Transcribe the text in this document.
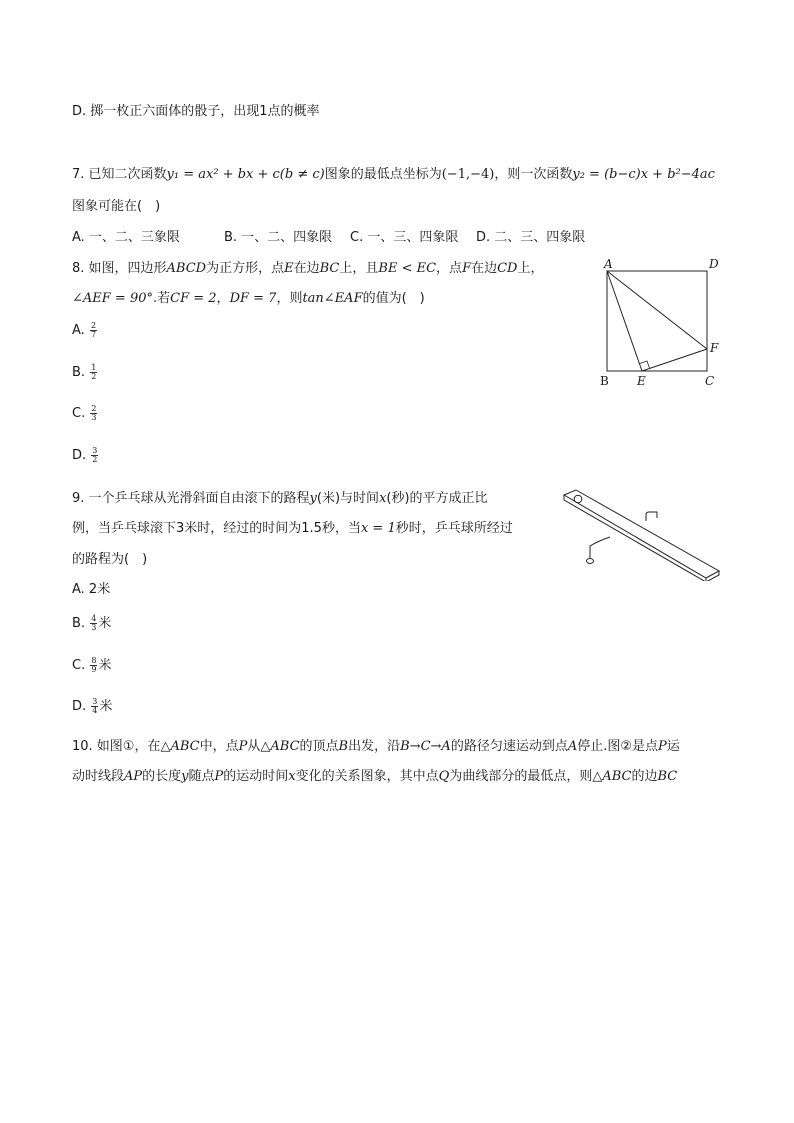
D. 掷一枚正六面体的骰子，出现1点的概率
7. 已知二次函数y₁ = ax² + bx + c(b ≠ c)图象的最低点坐标为(−1,−4)，则一次函数y₂ = (b−c)x + b²−4ac
图象可能在(　)
A. 一、二、三象限	B. 一、二、四象限 C. 一、三、四象限 D. 二、三、四象限
8. 如图，四边形ABCD为正方形，点E在边BC上，且BE < EC，点F在边CD上，
∠AEF = 90°.若CF = 2，DF = 7，则tan∠EAF的值为(　)
A. $\frac{2}{7}$
B. $\frac{1}{2}$
C. $\frac{2}{3}$
D. $\frac{3}{2}$
A	D
B E	C
F
9. 一个乒乓球从光滑斜面自由滚下的路程y(米)与时间x(秒)的平方成正比
例，当乒乓球滚下3米时，经过的时间为1.5秒，当x = 1秒时，乒乓球所经过
的路程为(　)
A. 2米
B. $\frac{4}{3}$ 米
C. $\frac{8}{9}$ 米
D. $\frac{3}{4}$ 米
10. 如图①，在△ABC中，点P从△ABC的顶点B出发，沿B→C→A的路径匀速运动到点A停止.图②是点P运
动时线段AP的长度y随点P的运动时间x变化的关系图象，其中点Q为曲线部分的最低点，则△ABC的边BC
